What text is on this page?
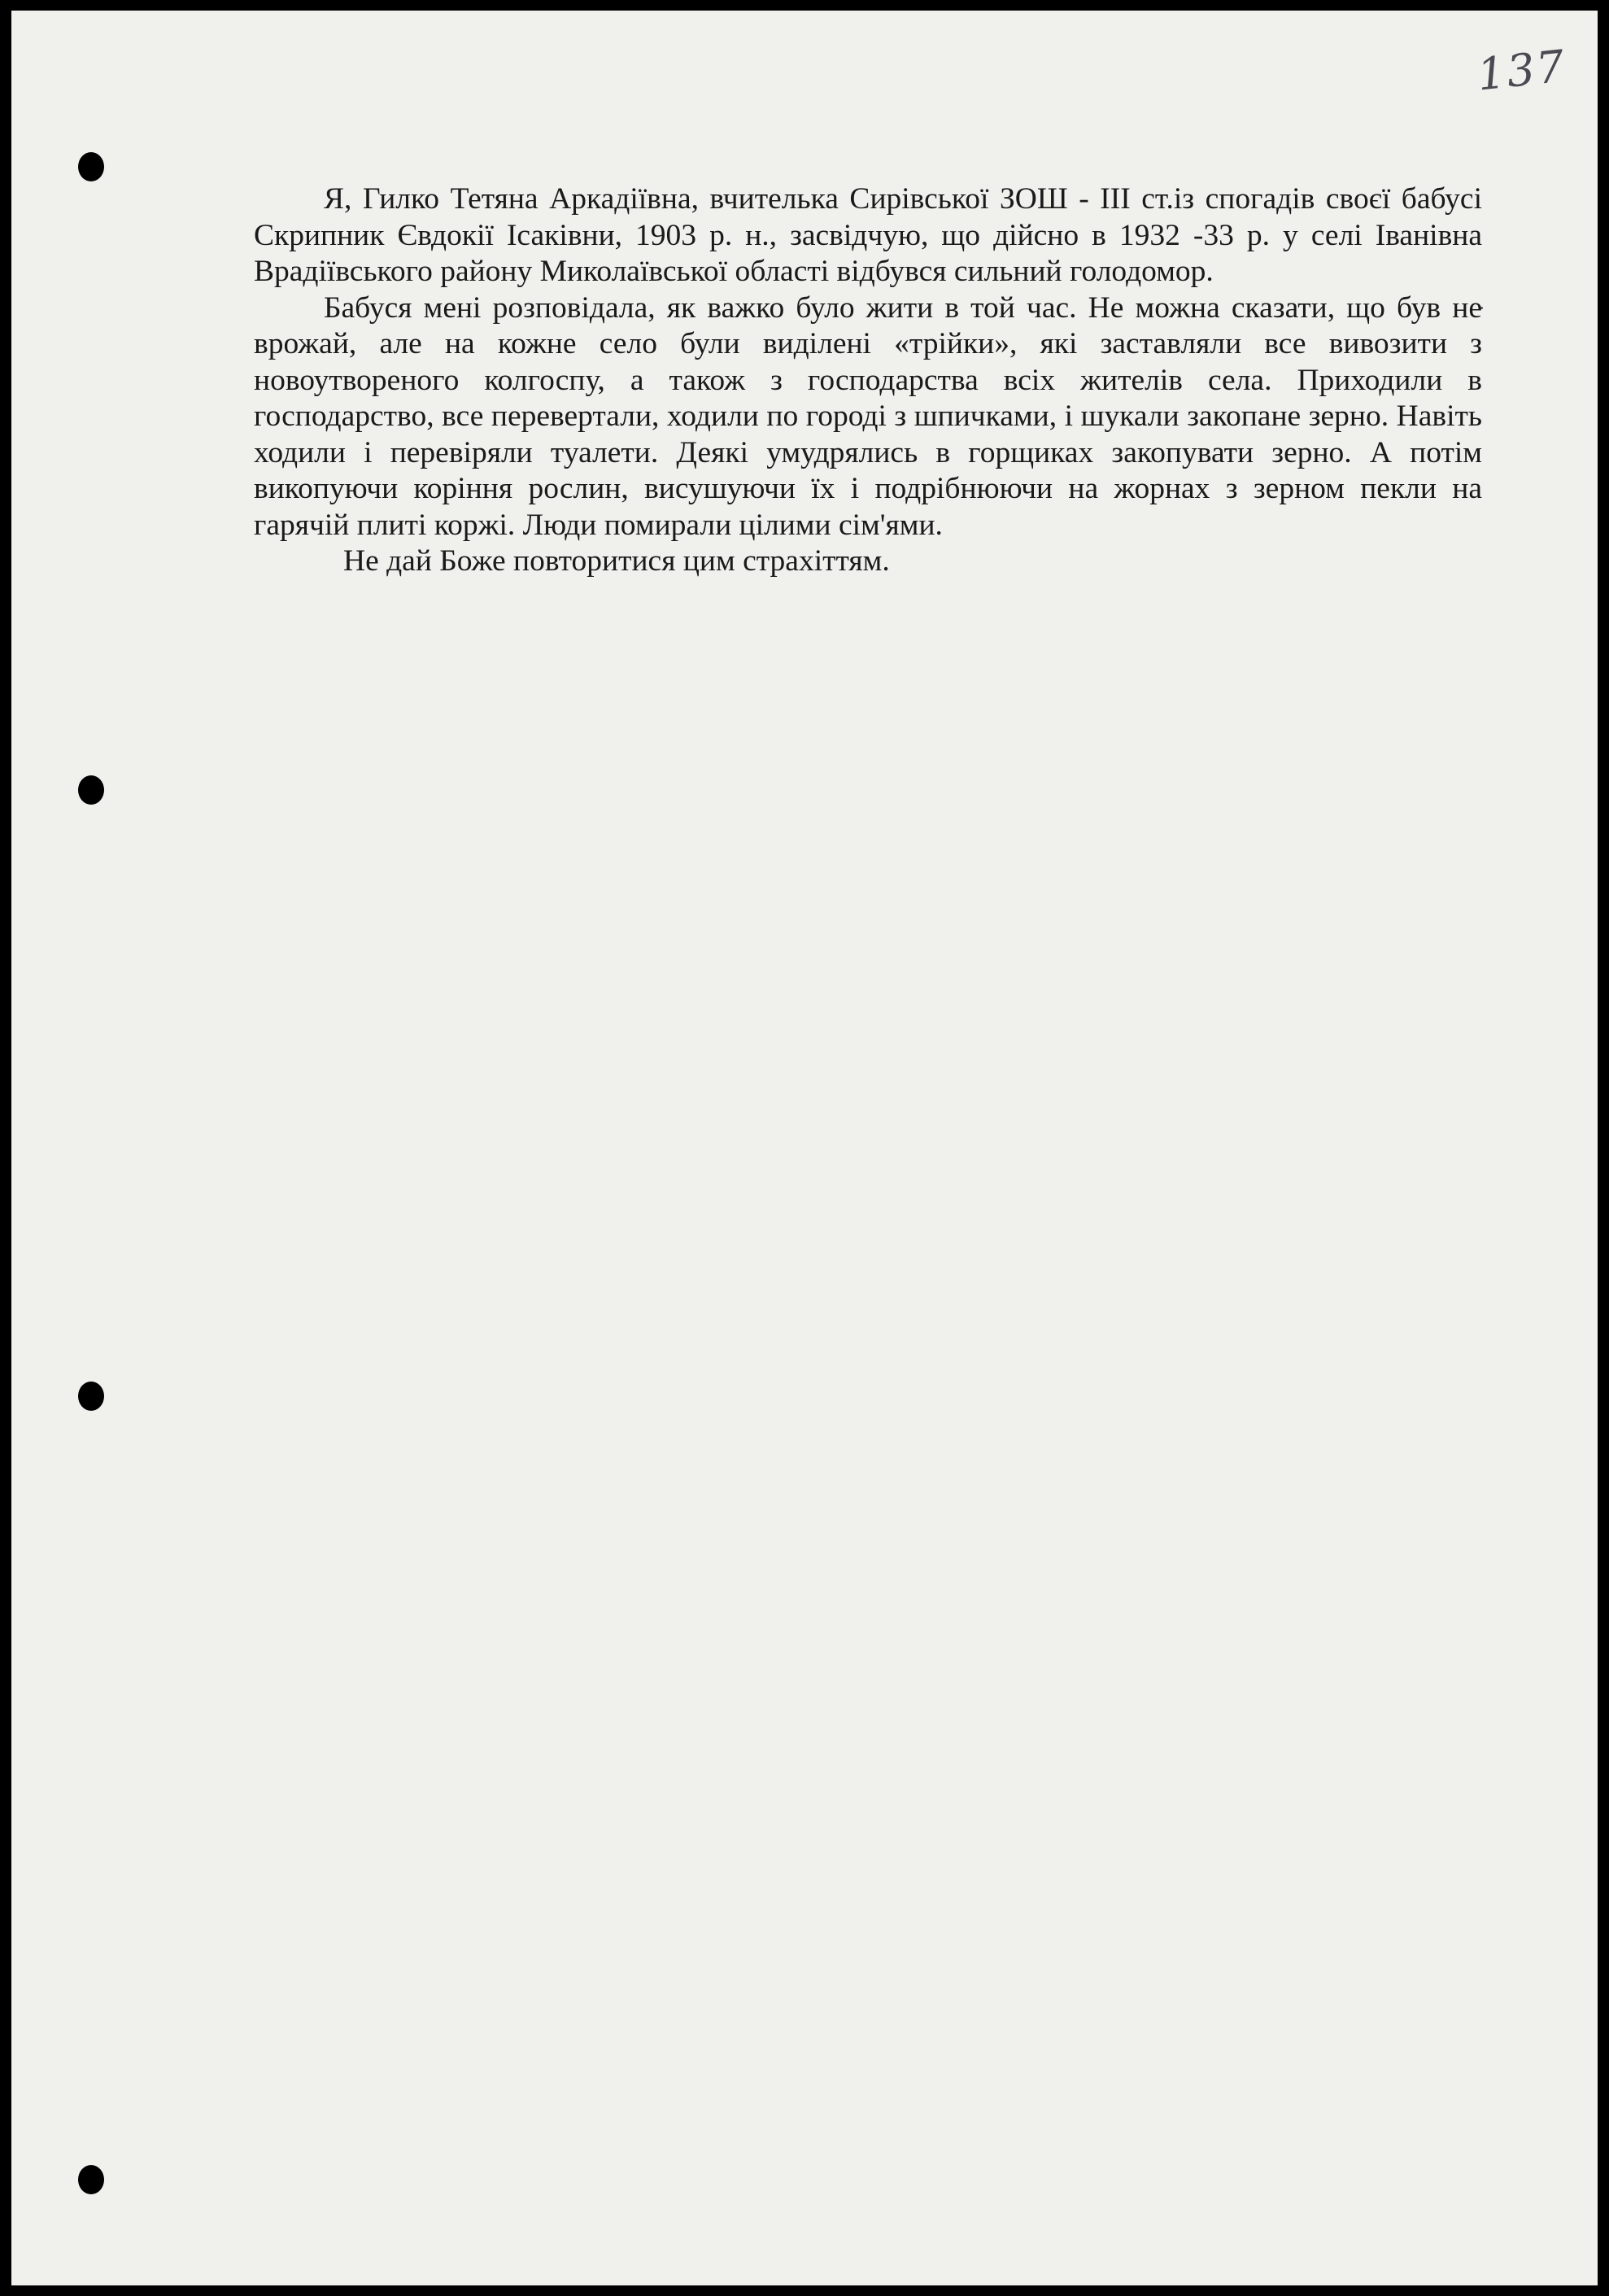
137

Я, Гилко Тетяна Аркадіївна, вчителька Сирівської ЗОШ - ІІІ ст.із спогадів своєї бабусі Скрипник Євдокії Ісаківни, 1903 р. н., засвідчую, що дійсно в 1932 -33 р. у селі Іванівна Врадіївського району Миколаївської області відбувся сильний голодомор.

Бабуся мені розповідала, як важко було жити в той час. Не можна сказати, що був не врожай, але на кожне село були виділені «трійки», які заставляли все вивозити з новоутвореного колгоспу, а також з господарства всіх жителів села. Приходили в господарство, все перевертали, ходили по городі з шпичками, і шукали закопане зерно. Навіть ходили і перевіряли туалети. Деякі умудрялись в горщиках закопувати зерно. А потім викопуючи коріння рослин, висушуючи їх і подрібнюючи на жорнах з зерном пекли на гарячій плиті коржі. Люди помирали цілими сім'ями.

Не дай Боже повторитися цим страхіттям.
